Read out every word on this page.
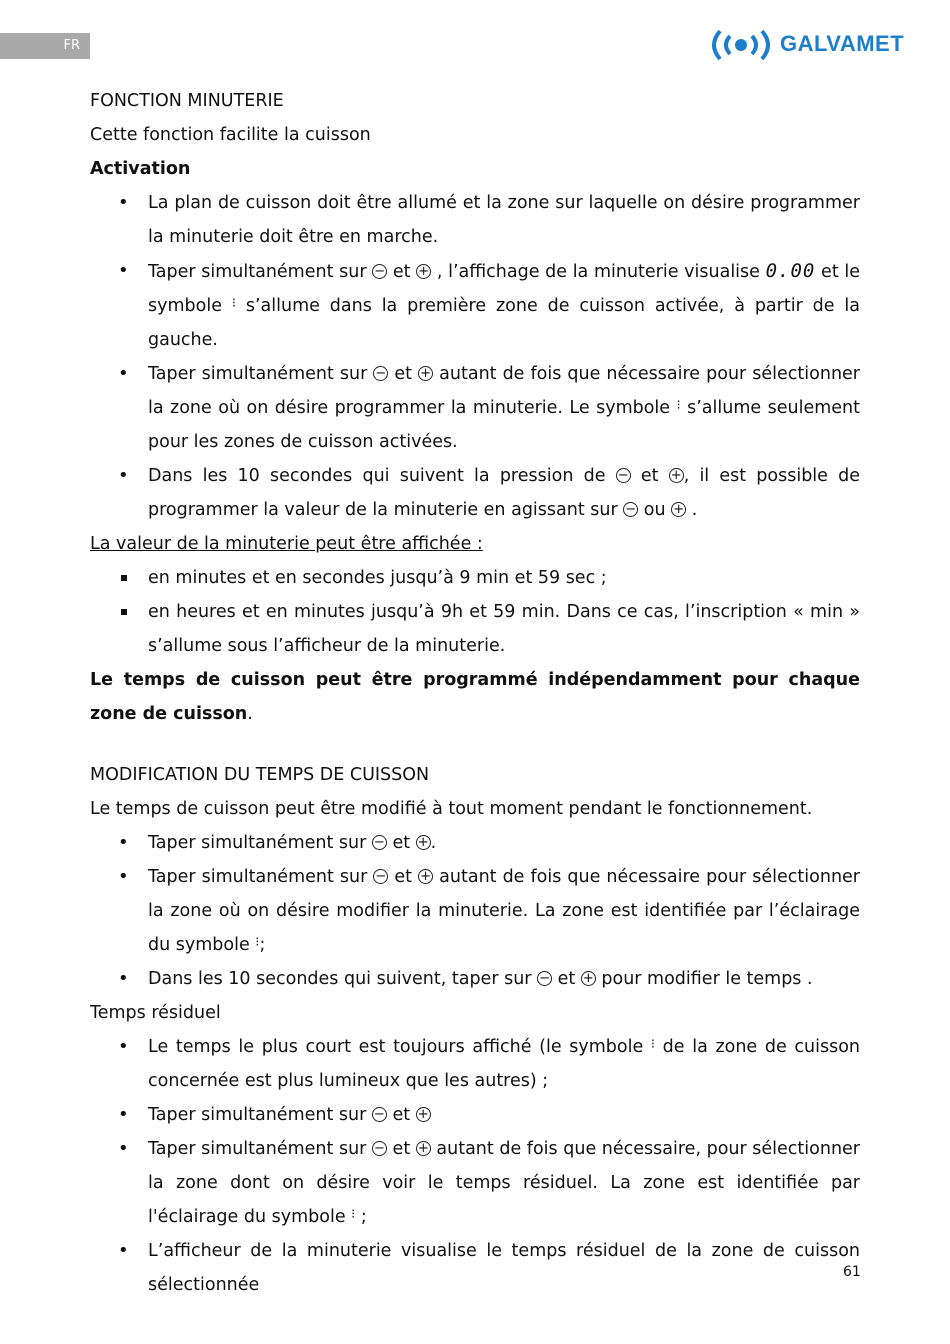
FR	GALVAMET

FONCTION MINUTERIE

Cette fonction facilite la cuisson

Activation

• La plan de cuisson doit être allumé et la zone sur laquelle on désire programmer la minuterie doit être en marche.
• Taper simultanément sur − et + , l’affichage de la minuterie visualise 0.00 et le symbole ⁝ s’allume dans la première zone de cuisson activée, à partir de la gauche.
• Taper simultanément sur − et + autant de fois que nécessaire pour sélectionner la zone où on désire programmer la minuterie. Le symbole ⁝ s’allume seulement pour les zones de cuisson activées.
• Dans les 10 secondes qui suivent la pression de − et + , il est possible de programmer la valeur de la minuterie en agissant sur − ou + .

La valeur de la minuterie peut être affichée :

en minutes et en secondes jusqu’à 9 min et 59 sec ;
en heures et en minutes jusqu’à 9h et 59 min. Dans ce cas, l’inscription « min » s’allume sous l’afficheur de la minuterie.

Le temps de cuisson peut être programmé indépendamment pour chaque zone de cuisson.

MODIFICATION DU TEMPS DE CUISSON

Le temps de cuisson peut être modifié à tout moment pendant le fonctionnement.

• Taper simultanément sur − et + .
• Taper simultanément sur − et + autant de fois que nécessaire pour sélectionner la zone où on désire modifier la minuterie. La zone est identifiée par l’éclairage du symbole ⁝;
• Dans les 10 secondes qui suivent, taper sur − et + pour modifier le temps .

Temps résiduel

• Le temps le plus court est toujours affiché (le symbole ⁝ de la zone de cuisson concernée est plus lumineux que les autres) ;
• Taper simultanément sur − et +
• Taper simultanément sur − et + autant de fois que nécessaire, pour sélectionner la zone dont on désire voir le temps résiduel. La zone est identifiée par l'éclairage du symbole ⁝ ;
• L’afficheur de la minuterie visualise le temps résiduel de la zone de cuisson sélectionnée
61
